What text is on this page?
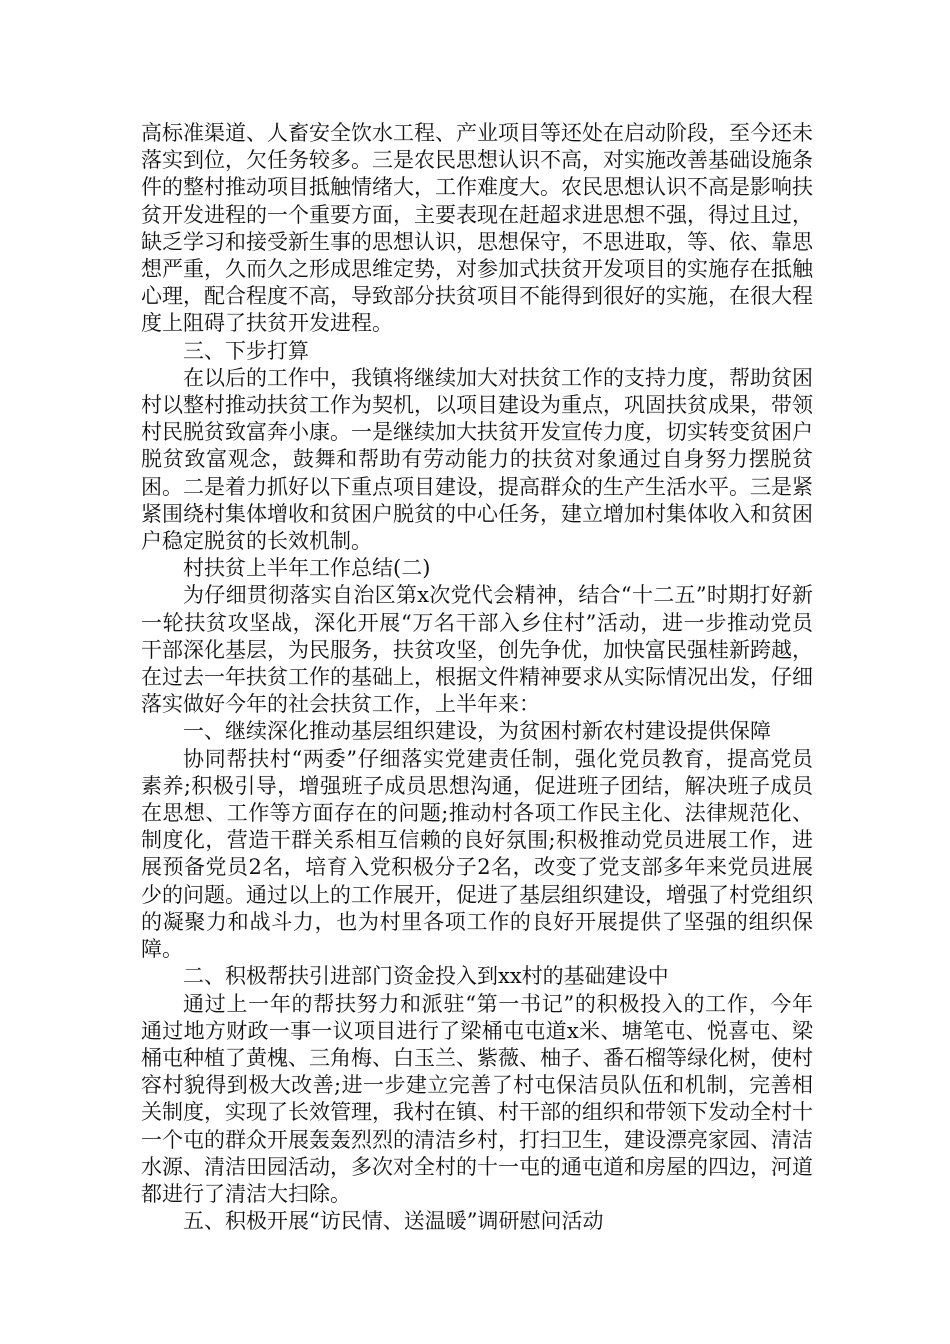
高标准渠道、人畜安全饮水工程、产业项目等还处在启动阶段，至今还未落实到位，欠任务较多。三是农民思想认识不高，对实施改善基础设施条件的整村推动项目抵触情绪大，工作难度大。农民思想认识不高是影响扶贫开发进程的一个重要方面，主要表现在赶超求进思想不强，得过且过，缺乏学习和接受新生事的思想认识，思想保守，不思进取，等、依、靠思想严重，久而久之形成思维定势，对参加式扶贫开发项目的实施存在抵触心理，配合程度不高，导致部分扶贫项目不能得到很好的实施，在很大程度上阻碍了扶贫开发进程。

三、下步打算

在以后的工作中，我镇将继续加大对扶贫工作的支持力度，帮助贫困村以整村推动扶贫工作为契机，以项目建设为重点，巩固扶贫成果，带领村民脱贫致富奔小康。一是继续加大扶贫开发宣传力度，切实转变贫困户脱贫致富观念，鼓舞和帮助有劳动能力的扶贫对象通过自身努力摆脱贫困。二是着力抓好以下重点项目建设，提高群众的生产生活水平。三是紧紧围绕村集体增收和贫困户脱贫的中心任务，建立增加村集体收入和贫困户稳定脱贫的长效机制。

村扶贫上半年工作总结(二)

为仔细贯彻落实自治区第x次党代会精神，结合“十二五”时期打好新一轮扶贫攻坚战，深化开展“万名干部入乡住村”活动，进一步推动党员干部深化基层，为民服务，扶贫攻坚，创先争优，加快富民强桂新跨越，在过去一年扶贫工作的基础上，根据文件精神要求从实际情况出发，仔细落实做好今年的社会扶贫工作，上半年来：

一、继续深化推动基层组织建设，为贫困村新农村建设提供保障

协同帮扶村“两委”仔细落实党建责任制，强化党员教育，提高党员素养;积极引导，增强班子成员思想沟通，促进班子团结，解决班子成员在思想、工作等方面存在的问题;推动村各项工作民主化、法律规范化、制度化，营造干群关系相互信赖的良好氛围;积极推动党员进展工作，进展预备党员2名，培育入党积极分子2名，改变了党支部多年来党员进展少的问题。通过以上的工作展开，促进了基层组织建设，增强了村党组织的凝聚力和战斗力，也为村里各项工作的良好开展提供了坚强的组织保障。

二、积极帮扶引进部门资金投入到xx村的基础建设中

通过上一年的帮扶努力和派驻“第一书记”的积极投入的工作，今年通过地方财政一事一议项目进行了梁桶屯屯道x米、塘笔屯、悦喜屯、梁桶屯种植了黄槐、三角梅、白玉兰、紫薇、柚子、番石榴等绿化树，使村容村貌得到极大改善;进一步建立完善了村屯保洁员队伍和机制，完善相关制度，实现了长效管理，我村在镇、村干部的组织和带领下发动全村十一个屯的群众开展轰轰烈烈的清洁乡村，打扫卫生，建设漂亮家园、清洁水源、清洁田园活动，多次对全村的十一屯的通屯道和房屋的四边，河道都进行了清洁大扫除。

五、积极开展“访民情、送温暖”调研慰问活动
